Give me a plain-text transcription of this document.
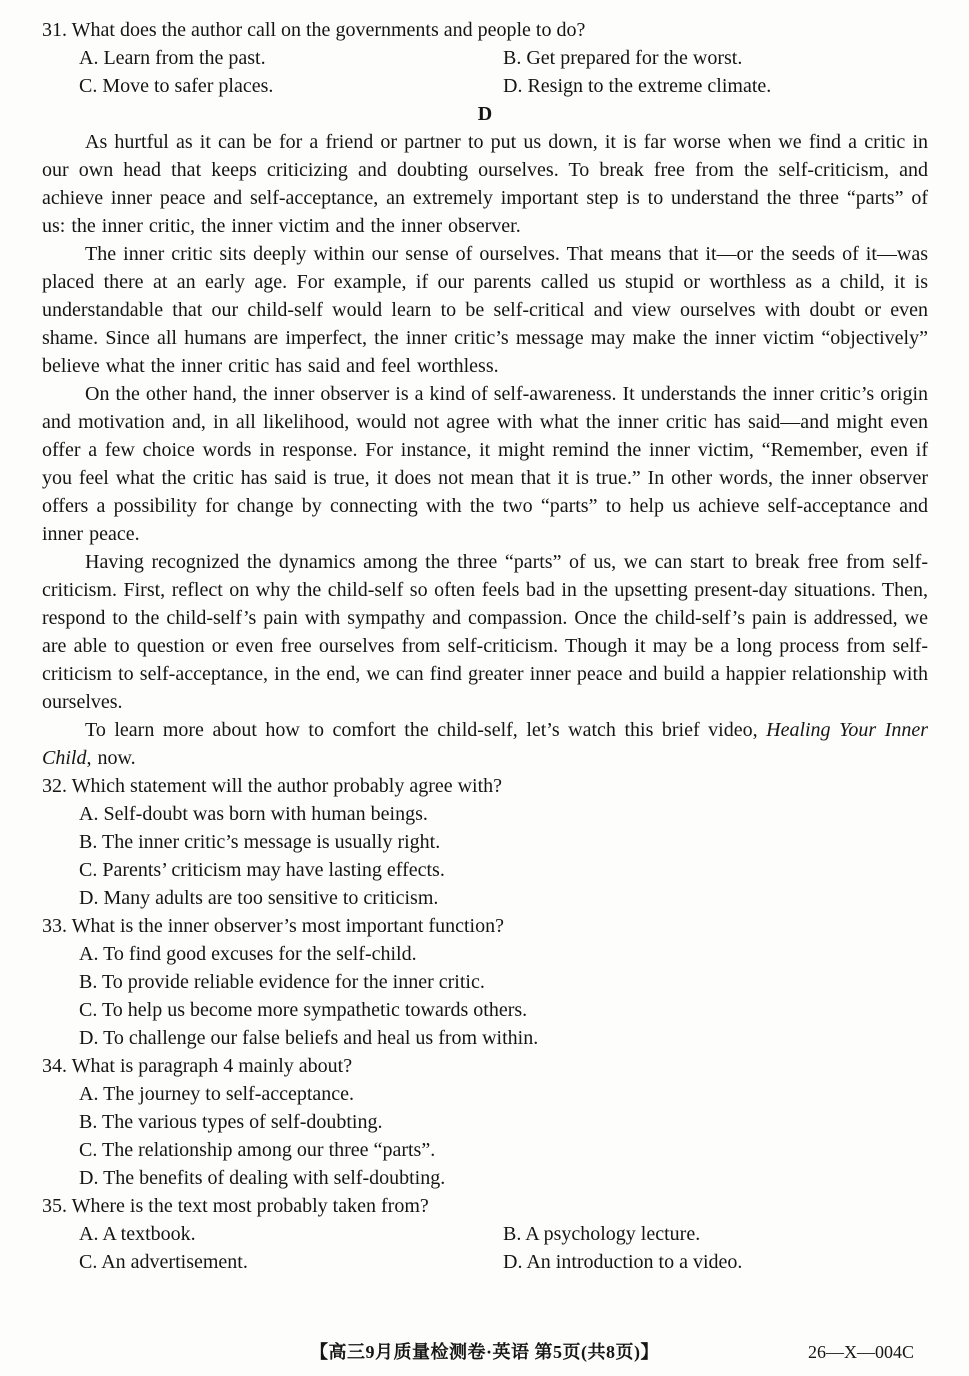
31. What does the author call on the governments and people to do?
A. Learn from the past.	B. Get prepared for the worst.
C. Move to safer places.	D. Resign to the extreme climate.
D

As hurtful as it can be for a friend or partner to put us down, it is far worse when we find a critic in our own head that keeps criticizing and doubting ourselves. To break free from the self-criticism, and achieve inner peace and self-acceptance, an extremely important step is to understand the three “parts” of us: the inner critic, the inner victim and the inner observer.

The inner critic sits deeply within our sense of ourselves. That means that it—or the seeds of it—was placed there at an early age. For example, if our parents called us stupid or worthless as a child, it is understandable that our child-self would learn to be self-critical and view ourselves with doubt or even shame. Since all humans are imperfect, the inner critic’s message may make the inner victim “objectively” believe what the inner critic has said and feel worthless.

On the other hand, the inner observer is a kind of self-awareness. It understands the inner critic’s origin and motivation and, in all likelihood, would not agree with what the inner critic has said—and might even offer a few choice words in response. For instance, it might remind the inner victim, “Remember, even if you feel what the critic has said is true, it does not mean that it is true.” In other words, the inner observer offers a possibility for change by connecting with the two “parts” to help us achieve self-acceptance and inner peace.

Having recognized the dynamics among the three “parts” of us, we can start to break free from self-criticism. First, reflect on why the child-self so often feels bad in the upsetting present-day situations. Then, respond to the child-self’s pain with sympathy and compassion. Once the child-self’s pain is addressed, we are able to question or even free ourselves from self-criticism. Though it may be a long process from self-criticism to self-acceptance, in the end, we can find greater inner peace and build a happier relationship with ourselves.

To learn more about how to comfort the child-self, let’s watch this brief video, Healing Your Inner Child, now.

32. Which statement will the author probably agree with?
A. Self-doubt was born with human beings.
B. The inner critic’s message is usually right.
C. Parents’ criticism may have lasting effects.
D. Many adults are too sensitive to criticism.
33. What is the inner observer’s most important function?
A. To find good excuses for the self-child.
B. To provide reliable evidence for the inner critic.
C. To help us become more sympathetic towards others.
D. To challenge our false beliefs and heal us from within.
34. What is paragraph 4 mainly about?
A. The journey to self-acceptance.
B. The various types of self-doubting.
C. The relationship among our three “parts”.
D. The benefits of dealing with self-doubting.
35. Where is the text most probably taken from?
A. A textbook.	B. A psychology lecture.
C. An advertisement.	D. An introduction to a video.
【高三9月质量检测卷·英语 第5页(共8页)】	26—X—004C
